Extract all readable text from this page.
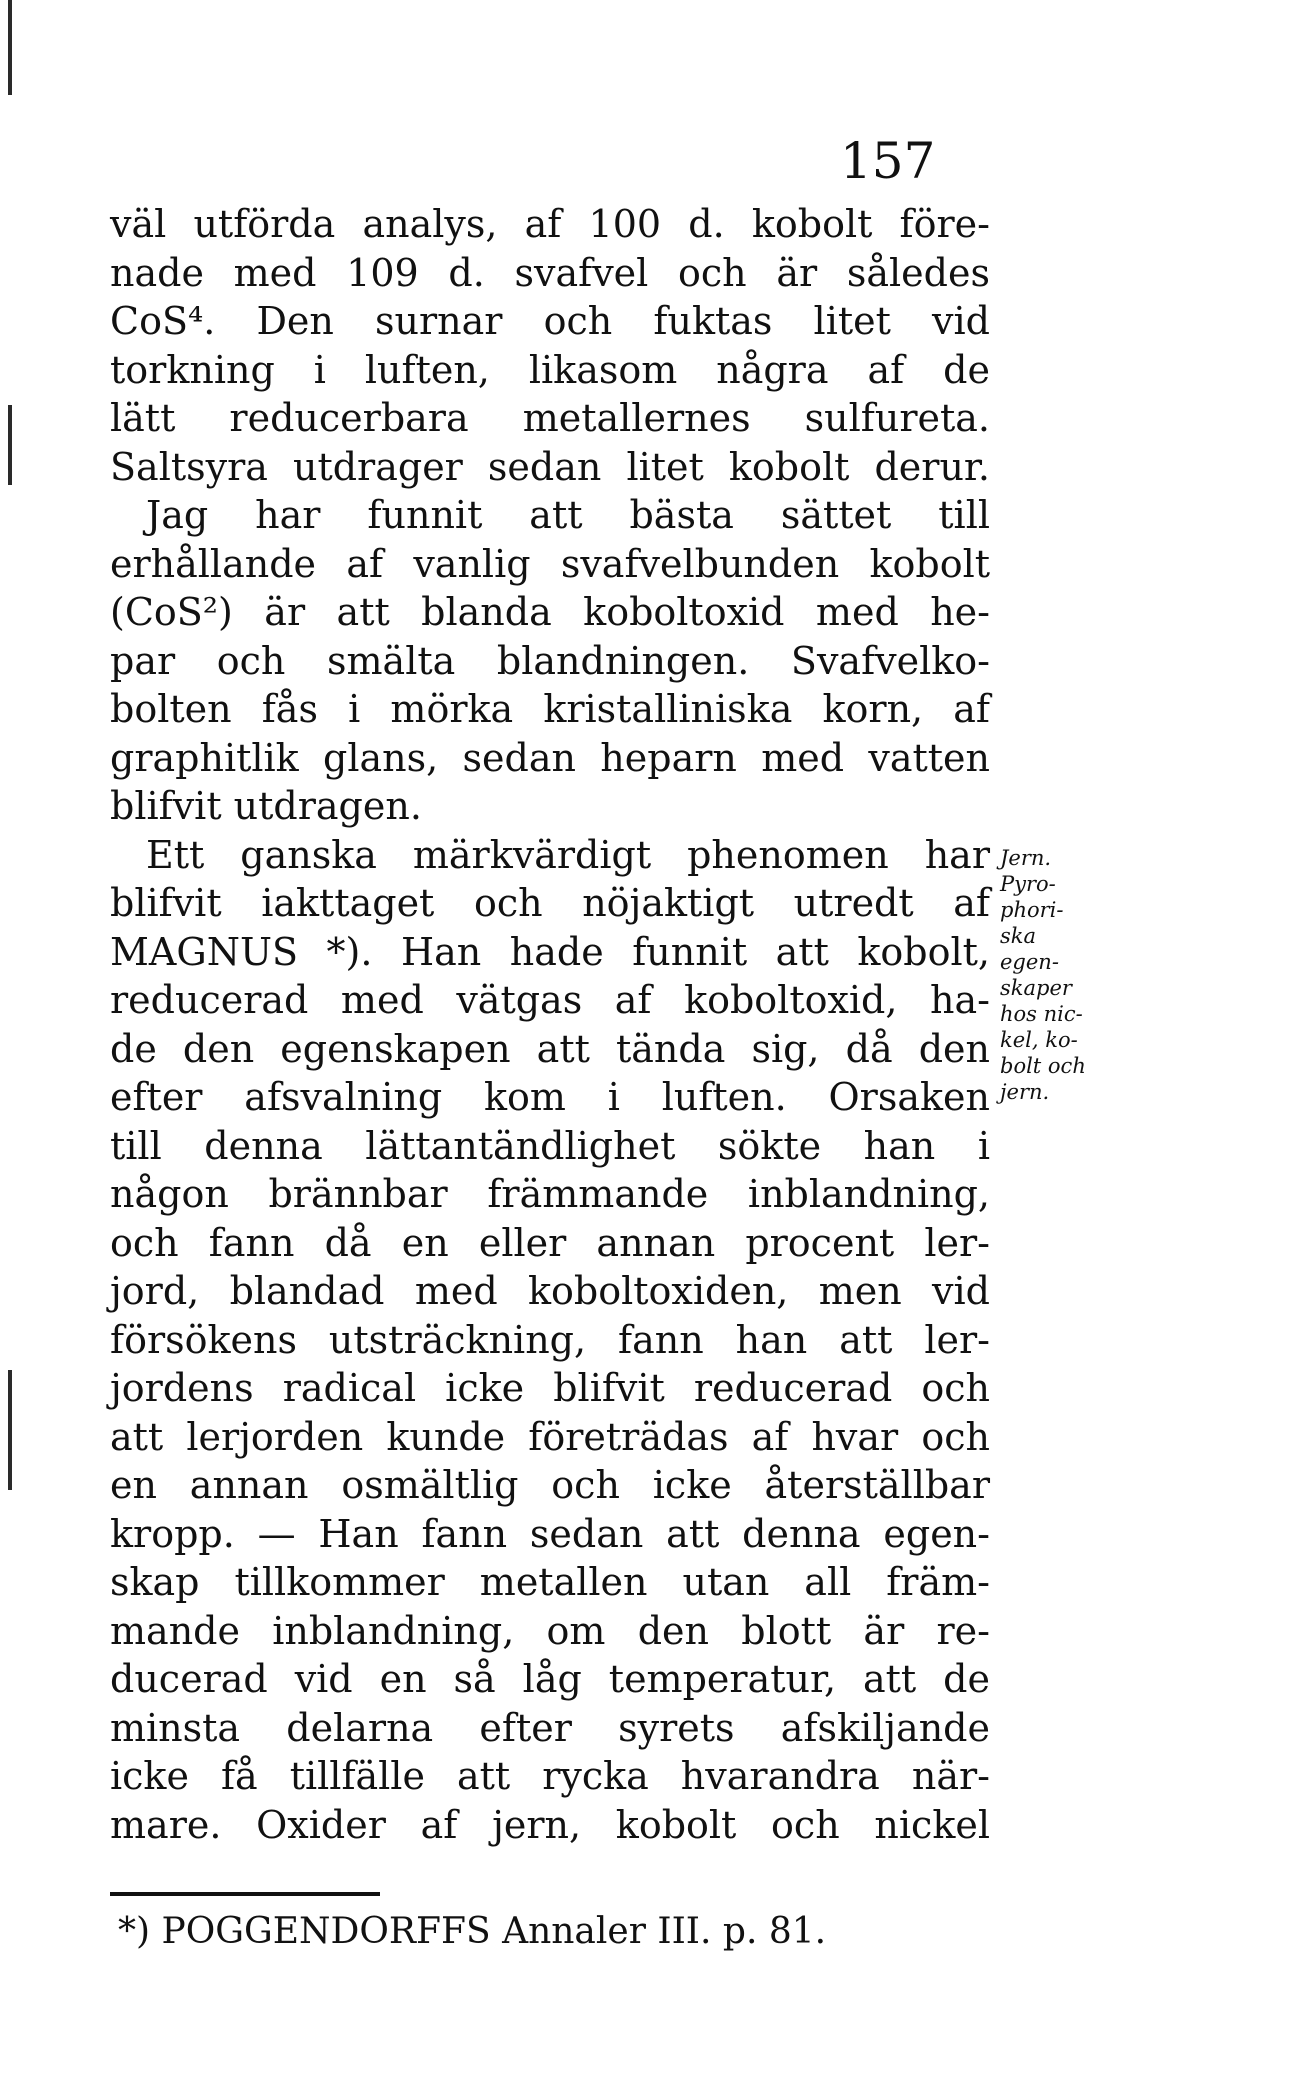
157
väl utförda analys, af 100 d. kobolt före-
nade med 109 d. svafvel och är således
CoS⁴. Den surnar och fuktas litet vid
torkning i luften, likasom några af de
lätt reducerbara metallernes sulfureta.
Saltsyra utdrager sedan litet kobolt derur.
Jag har funnit att bästa sättet till
erhållande af vanlig svafvelbunden kobolt
(CoS²) är att blanda koboltoxid med he-
par och smälta blandningen. Svafvelko-
bolten fås i mörka kristalliniska korn, af
graphitlik glans, sedan heparn med vatten
blifvit utdragen.
Ett ganska märkvärdigt phenomen har
blifvit iakttaget och nöjaktigt utredt af
MAGNUS *). Han hade funnit att kobolt,
reducerad med vätgas af koboltoxid, ha-
de den egenskapen att tända sig, då den
efter afsvalning kom i luften. Orsaken
till denna lättantändlighet sökte han i
någon brännbar främmande inblandning,
och fann då en eller annan procent ler-
jord, blandad med koboltoxiden, men vid
försökens utsträckning, fann han att ler-
jordens radical icke blifvit reducerad och
att lerjorden kunde företrädas af hvar och
en annan osmältlig och icke återställbar
kropp. — Han fann sedan att denna egen-
skap tillkommer metallen utan all främ-
mande inblandning, om den blott är re-
ducerad vid en så låg temperatur, att de
minsta delarna efter syrets afskiljande
icke få tillfälle att rycka hvarandra när-
mare. Oxider af jern, kobolt och nickel
Jern.
Pyro-
phori-
ska
egen-
skaper
hos nic-
kel, ko-
bolt och
jern.
*) POGGENDORFFS Annaler III. p. 81.
